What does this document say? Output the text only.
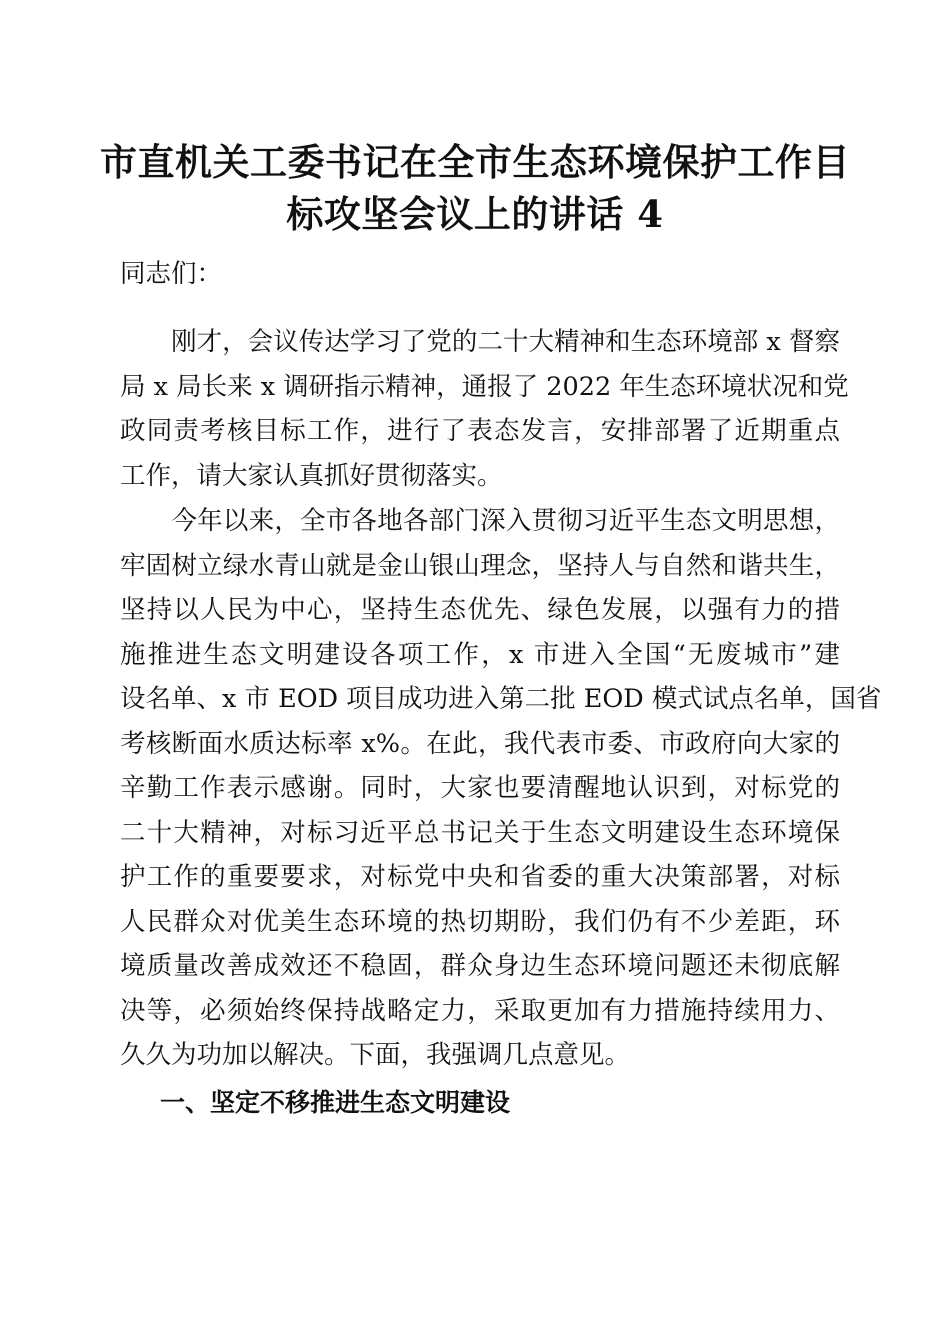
市直机关工委书记在全市生态环境保护工作目
标攻坚会议上的讲话 4
同志们：
　　刚才，会议传达学习了党的二十大精神和生态环境部 x 督察
局 x 局长来 x 调研指示精神，通报了 2022 年生态环境状况和党
政同责考核目标工作，进行了表态发言，安排部署了近期重点
工作，请大家认真抓好贯彻落实。
　　今年以来，全市各地各部门深入贯彻习近平生态文明思想，
牢固树立绿水青山就是金山银山理念，坚持人与自然和谐共生，
坚持以人民为中心，坚持生态优先、绿色发展，以强有力的措
施推进生态文明建设各项工作，x 市进入全国“无废城市”建
设名单、x 市 EOD 项目成功进入第二批 EOD 模式试点名单，国省
考核断面水质达标率 x%。在此，我代表市委、市政府向大家的
辛勤工作表示感谢。同时，大家也要清醒地认识到，对标党的
二十大精神，对标习近平总书记关于生态文明建设生态环境保
护工作的重要要求，对标党中央和省委的重大决策部署，对标
人民群众对优美生态环境的热切期盼，我们仍有不少差距，环
境质量改善成效还不稳固，群众身边生态环境问题还未彻底解
决等，必须始终保持战略定力，采取更加有力措施持续用力、
久久为功加以解决。下面，我强调几点意见。
一、坚定不移推进生态文明建设
